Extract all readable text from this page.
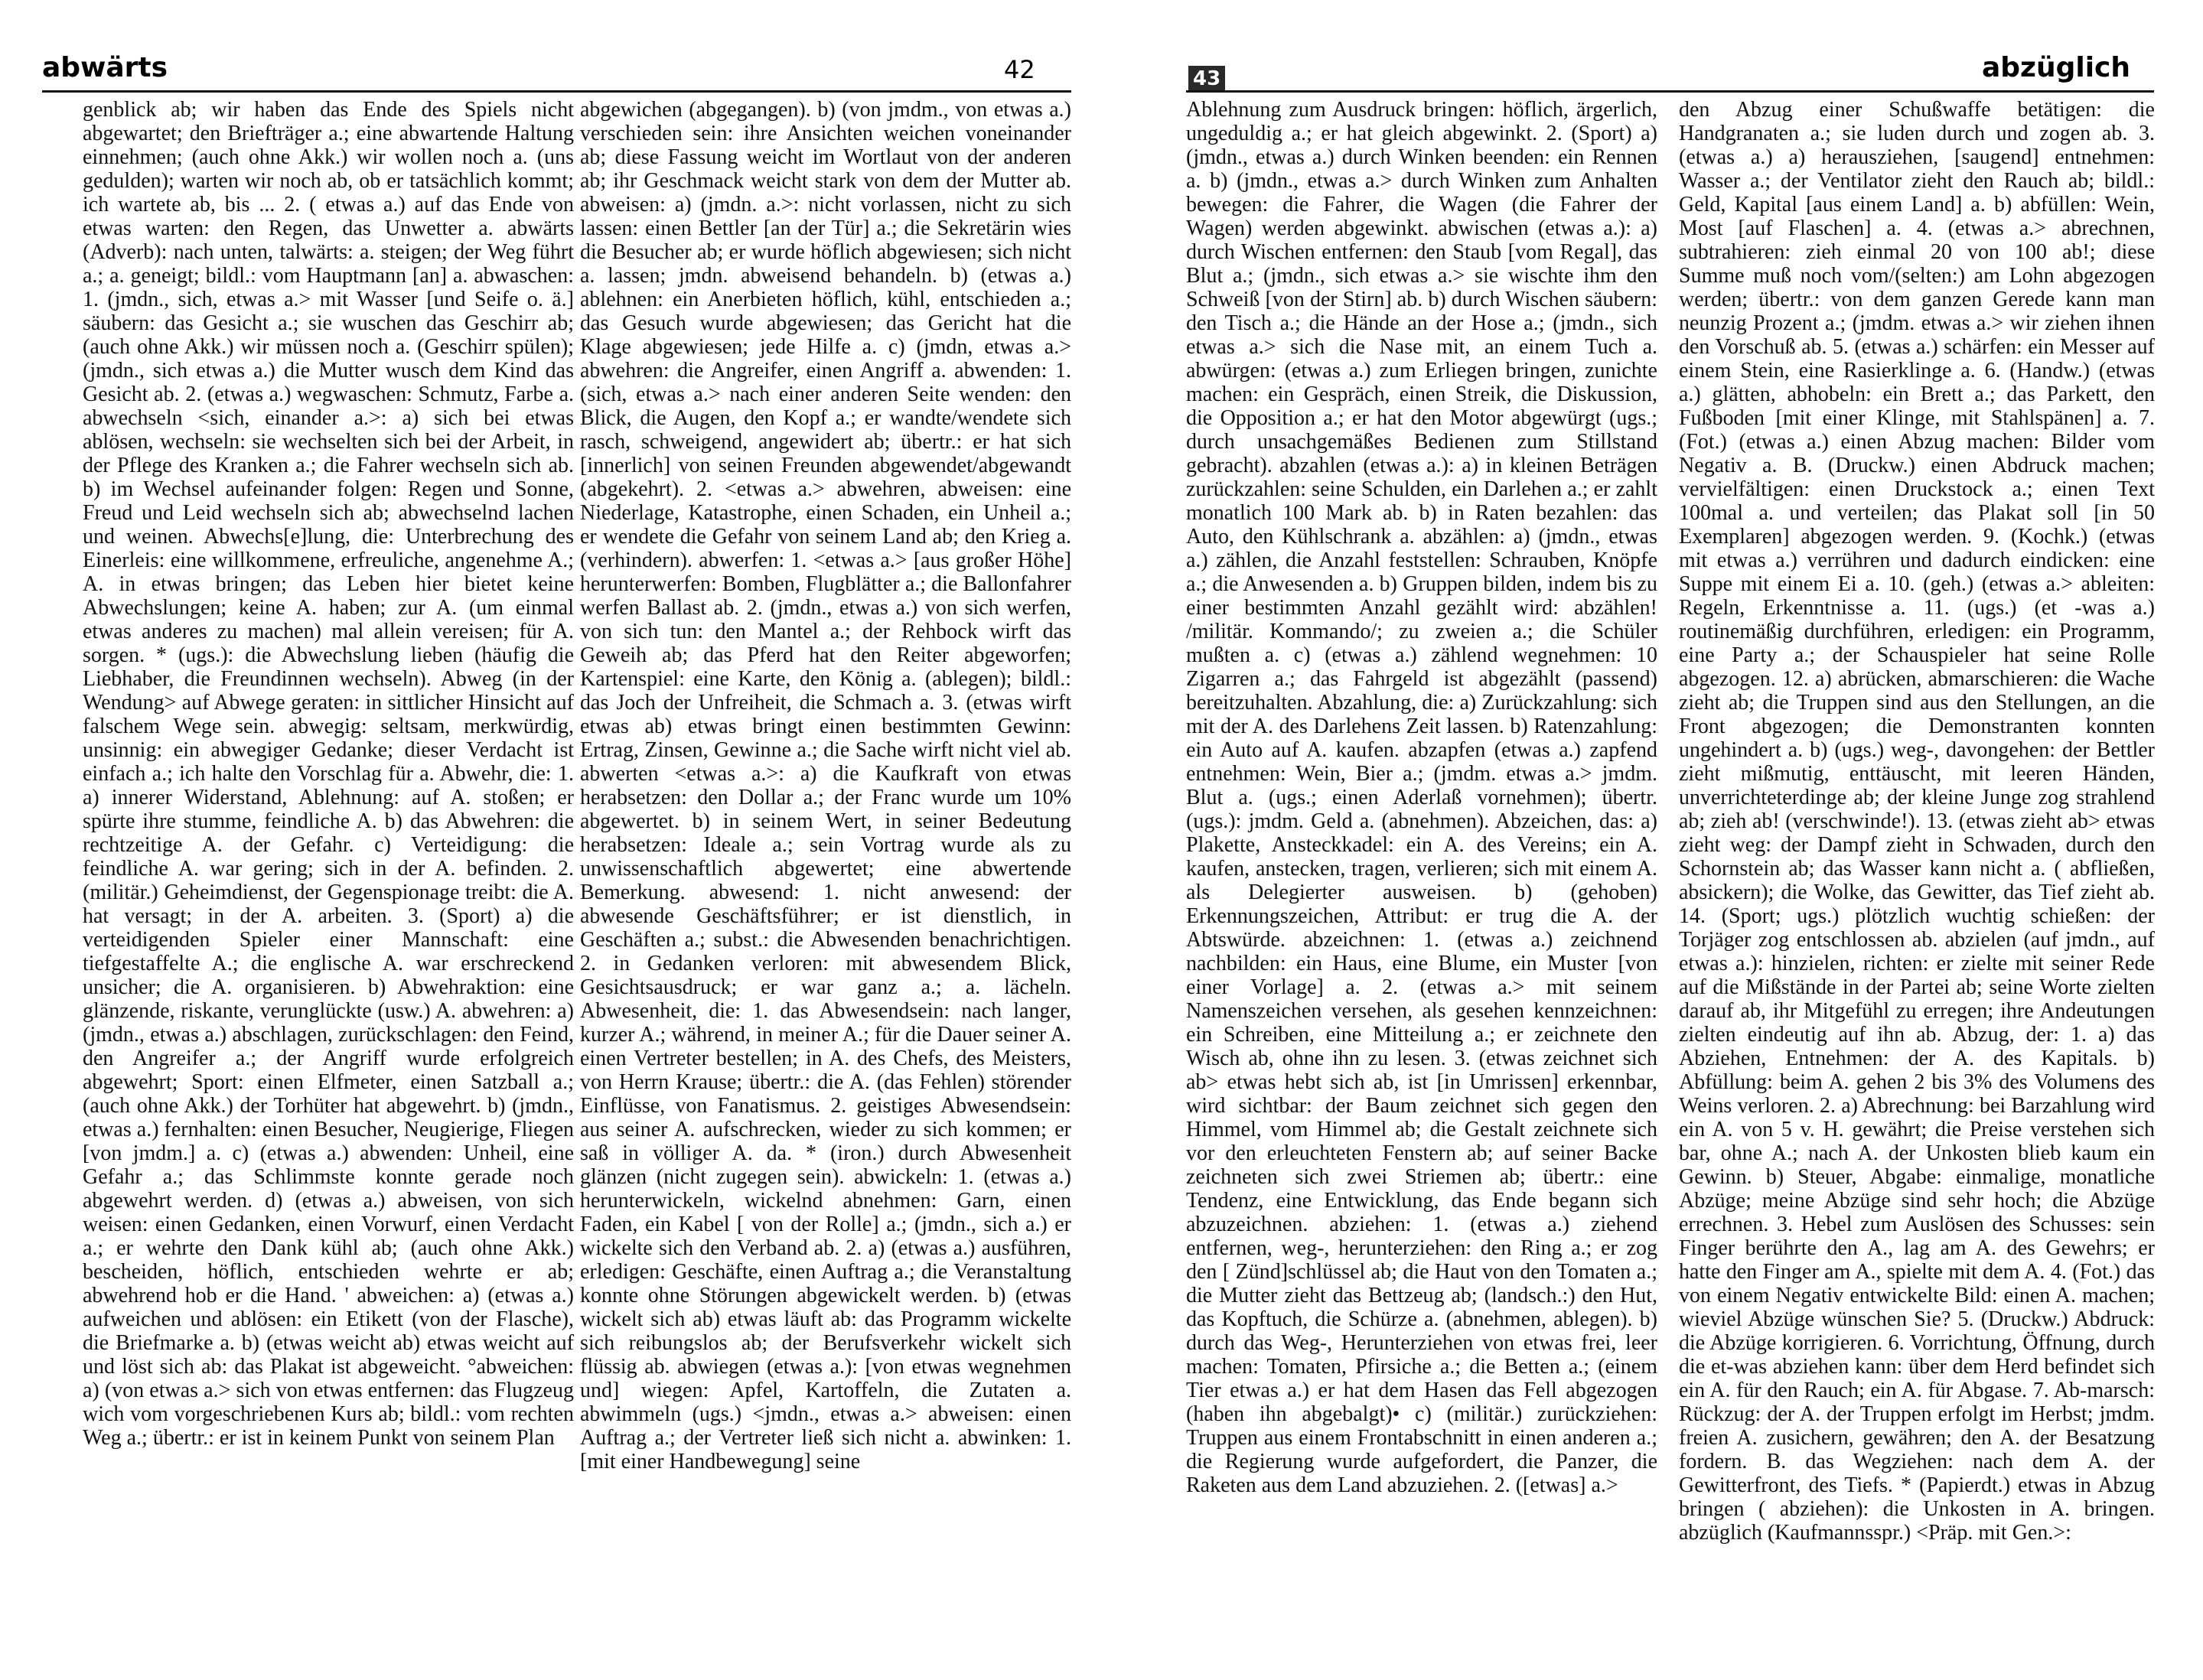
abwärts	42	43	abzüglich

genblick ab; wir haben das Ende des Spiels nicht abgewartet; den Briefträger a.; eine abwartende Haltung einnehmen; (auch ohne Akk.) wir wollen noch a. (uns gedulden); warten wir noch ab, ob er tatsächlich kommt; ich wartete ab, bis ... 2. ( etwas a.) auf das Ende von etwas warten: den Regen, das Unwetter a. abwärts (Adverb): nach unten, talwärts: a. steigen; der Weg führt a.; a. geneigt; bildl.: vom Hauptmann [an] a. abwaschen: 1. (jmdn., sich, etwas a.> mit Wasser [und Seife o. ä.] säubern: das Gesicht a.; sie wuschen das Geschirr ab; (auch ohne Akk.) wir müssen noch a. (Geschirr spülen); (jmdn., sich etwas a.) die Mutter wusch dem Kind das Gesicht ab. 2. (etwas a.) wegwaschen: Schmutz, Farbe a. abwechseln <sich, einander a.>: a) sich bei etwas ablösen, wechseln: sie wechselten sich bei der Arbeit, in der Pflege des Kranken a.; die Fahrer wechseln sich ab. b) im Wechsel aufeinander folgen: Regen und Sonne, Freud und Leid wechseln sich ab; abwechselnd lachen und weinen. Abwechs[e]lung, die: Unterbrechung des Einerleis: eine willkommene, erfreuliche, angenehme A.; A. in etwas bringen; das Leben hier bietet keine Abwechslungen; keine A. haben; zur A. (um einmal etwas anderes zu machen) mal allein vereisen; für A. sorgen. * (ugs.): die Abwechslung lieben (häufig die Liebhaber, die Freundinnen wechseln). Abweg (in der Wendung> auf Abwege geraten: in sittlicher Hinsicht auf falschem Wege sein. abwegig: seltsam, merkwürdig, unsinnig: ein abwegiger Gedanke; dieser Verdacht ist einfach a.; ich halte den Vorschlag für a. Abwehr, die: 1. a) innerer Widerstand, Ablehnung: auf A. stoßen; er spürte ihre stumme, feindliche A. b) das Abwehren: die rechtzeitige A. der Gefahr. c) Verteidigung: die feindliche A. war gering; sich in der A. befinden. 2. (militär.) Geheimdienst, der Gegenspionage treibt: die A. hat versagt; in der A. arbeiten. 3. (Sport) a) die verteidigenden Spieler einer Mannschaft: eine tiefgestaffelte A.; die englische A. war erschreckend unsicher; die A. organisieren. b) Abwehraktion: eine glänzende, riskante, verunglückte (usw.) A. abwehren: a) (jmdn., etwas a.) abschlagen, zurückschlagen: den Feind, den Angreifer a.; der Angriff wurde erfolgreich abgewehrt; Sport: einen Elfmeter, einen Satzball a.; (auch ohne Akk.) der Torhüter hat abgewehrt. b) (jmdn., etwas a.) fernhalten: einen Besucher, Neugierige, Fliegen [von jmdm.] a. c) (etwas a.) abwenden: Unheil, eine Gefahr a.; das Schlimmste konnte gerade noch abgewehrt werden. d) (etwas a.) abweisen, von sich weisen: einen Gedanken, einen Vorwurf, einen Verdacht a.; er wehrte den Dank kühl ab; (auch ohne Akk.) bescheiden, höflich, entschieden wehrte er ab; abwehrend hob er die Hand. ' abweichen: a) (etwas a.) aufweichen und ablösen: ein Etikett (von der Flasche), die Briefmarke a. b) (etwas weicht ab) etwas weicht auf und löst sich ab: das Plakat ist abgeweicht. °abweichen: a) (von etwas a.> sich von etwas entfernen: das Flugzeug wich vom vorgeschriebenen Kurs ab; bildl.: vom rechten Weg a.; übertr.: er ist in keinem Punkt von seinem Plan

abgewichen (abgegangen). b) (von jmdm., von etwas a.) verschieden sein: ihre Ansichten weichen voneinander ab; diese Fassung weicht im Wortlaut von der anderen ab; ihr Geschmack weicht stark von dem der Mutter ab. abweisen: a) (jmdn. a.>: nicht vorlassen, nicht zu sich lassen: einen Bettler [an der Tür] a.; die Sekretärin wies die Besucher ab; er wurde höflich abgewiesen; sich nicht a. lassen; jmdn. abweisend behandeln. b) (etwas a.) ablehnen: ein Anerbieten höflich, kühl, entschieden a.; das Gesuch wurde abgewiesen; das Gericht hat die Klage abgewiesen; jede Hilfe a. c) (jmdn, etwas a.> abwehren: die Angreifer, einen Angriff a. abwenden: 1. (sich, etwas a.> nach einer anderen Seite wenden: den Blick, die Augen, den Kopf a.; er wandte/wendete sich rasch, schweigend, angewidert ab; übertr.: er hat sich [innerlich] von seinen Freunden abgewendet/abgewandt (abgekehrt). 2. <etwas a.> abwehren, abweisen: eine Niederlage, Katastrophe, einen Schaden, ein Unheil a.; er wendete die Gefahr von seinem Land ab; den Krieg a. (verhindern). abwerfen: 1. <etwas a.> [aus großer Höhe] herunterwerfen: Bomben, Flugblätter a.; die Ballonfahrer werfen Ballast ab. 2. (jmdn., etwas a.) von sich werfen, von sich tun: den Mantel a.; der Rehbock wirft das Geweih ab; das Pferd hat den Reiter abgeworfen; Kartenspiel: eine Karte, den König a. (ablegen); bildl.: das Joch der Unfreiheit, die Schmach a. 3. (etwas wirft etwas ab) etwas bringt einen bestimmten Gewinn: Ertrag, Zinsen, Gewinne a.; die Sache wirft nicht viel ab. abwerten <etwas a.>: a) die Kaufkraft von etwas herabsetzen: den Dollar a.; der Franc wurde um 10% abgewertet. b) in seinem Wert, in seiner Bedeutung herabsetzen: Ideale a.; sein Vortrag wurde als zu unwissenschaftlich abgewertet; eine abwertende Bemerkung. abwesend: 1. nicht anwesend: der abwesende Geschäftsführer; er ist dienstlich, in Geschäften a.; subst.: die Abwesenden benachrichtigen. 2. in Gedanken verloren: mit abwesendem Blick, Gesichtsausdruck; er war ganz a.; a. lächeln. Abwesenheit, die: 1. das Abwesendsein: nach langer, kurzer A.; während, in meiner A.; für die Dauer seiner A. einen Vertreter bestellen; in A. des Chefs, des Meisters, von Herrn Krause; übertr.: die A. (das Fehlen) störender Einflüsse, von Fanatismus. 2. geistiges Abwesendsein: aus seiner A. aufschrecken, wieder zu sich kommen; er saß in völliger A. da. * (iron.) durch Abwesenheit glänzen (nicht zugegen sein). abwickeln: 1. (etwas a.) herunterwickeln, wickelnd abnehmen: Garn, einen Faden, ein Kabel [ von der Rolle] a.; (jmdn., sich a.) er wickelte sich den Verband ab. 2. a) (etwas a.) ausführen, erledigen: Geschäfte, einen Auftrag a.; die Veranstaltung konnte ohne Störungen abgewickelt werden. b) (etwas wickelt sich ab) etwas läuft ab: das Programm wickelte sich reibungslos ab; der Berufsverkehr wickelt sich flüssig ab. abwiegen (etwas a.): [von etwas wegnehmen und] wiegen: Apfel, Kartoffeln, die Zutaten a. abwimmeln (ugs.) <jmdn., etwas a.> abweisen: einen Auftrag a.; der Vertreter ließ sich nicht a. abwinken: 1. [mit einer Handbewegung] seine

Ablehnung zum Ausdruck bringen: höflich, ärgerlich, ungeduldig a.; er hat gleich abgewinkt. 2. (Sport) a) (jmdn., etwas a.) durch Winken beenden: ein Rennen a. b) (jmdn., etwas a.> durch Winken zum Anhalten bewegen: die Fahrer, die Wagen (die Fahrer der Wagen) werden abgewinkt. abwischen (etwas a.): a) durch Wischen entfernen: den Staub [vom Regal], das Blut a.; (jmdn., sich etwas a.> sie wischte ihm den Schweiß [von der Stirn] ab. b) durch Wischen säubern: den Tisch a.; die Hände an der Hose a.; (jmdn., sich etwas a.> sich die Nase mit, an einem Tuch a. abwürgen: (etwas a.) zum Erliegen bringen, zunichte machen: ein Gespräch, einen Streik, die Diskussion, die Opposition a.; er hat den Motor abgewürgt (ugs.; durch unsachgemäßes Bedienen zum Stillstand gebracht). abzahlen (etwas a.): a) in kleinen Beträgen zurückzahlen: seine Schulden, ein Darlehen a.; er zahlt monatlich 100 Mark ab. b) in Raten bezahlen: das Auto, den Kühlschrank a. abzählen: a) (jmdn., etwas a.) zählen, die Anzahl feststellen: Schrauben, Knöpfe a.; die Anwesenden a. b) Gruppen bilden, indem bis zu einer bestimmten Anzahl gezählt wird: abzählen! /militär. Kommando/; zu zweien a.; die Schüler mußten a. c) (etwas a.) zählend wegnehmen: 10 Zigarren a.; das Fahrgeld ist abgezählt (passend) bereitzuhalten. Abzahlung, die: a) Zurückzahlung: sich mit der A. des Darlehens Zeit lassen. b) Ratenzahlung: ein Auto auf A. kaufen. abzapfen (etwas a.) zapfend entnehmen: Wein, Bier a.; (jmdm. etwas a.> jmdm. Blut a. (ugs.; einen Aderlaß vornehmen); übertr. (ugs.): jmdm. Geld a. (abnehmen). Abzeichen, das: a) Plakette, Ansteckkadel: ein A. des Vereins; ein A. kaufen, anstecken, tragen, verlieren; sich mit einem A. als Delegierter ausweisen. b) (gehoben) Erkennungszeichen, Attribut: er trug die A. der Abtswürde. abzeichnen: 1. (etwas a.) zeichnend nachbilden: ein Haus, eine Blume, ein Muster [von einer Vorlage] a. 2. (etwas a.> mit seinem Namenszeichen versehen, als gesehen kennzeichnen: ein Schreiben, eine Mitteilung a.; er zeichnete den Wisch ab, ohne ihn zu lesen. 3. (etwas zeichnet sich ab> etwas hebt sich ab, ist [in Umrissen] erkennbar, wird sichtbar: der Baum zeichnet sich gegen den Himmel, vom Himmel ab; die Gestalt zeichnete sich vor den erleuchteten Fenstern ab; auf seiner Backe zeichneten sich zwei Striemen ab; übertr.: eine Tendenz, eine Entwicklung, das Ende begann sich abzuzeichnen. abziehen: 1. (etwas a.) ziehend entfernen, weg-, herunterziehen: den Ring a.; er zog den [ Zünd]schlüssel ab; die Haut von den Tomaten a.; die Mutter zieht das Bettzeug ab; (landsch.:) den Hut, das Kopftuch, die Schürze a. (abnehmen, ablegen). b) durch das Weg-, Herunterziehen von etwas frei, leer machen: Tomaten, Pfirsiche a.; die Betten a.; (einem Tier etwas a.) er hat dem Hasen das Fell abgezogen (haben ihn abgebalgt)• c) (militär.) zurückziehen: Truppen aus einem Frontabschnitt in einen anderen a.; die Regierung wurde aufgefordert, die Panzer, die Raketen aus dem Land abzuziehen. 2. ([etwas] a.>

den Abzug einer Schußwaffe betätigen: die Handgranaten a.; sie luden durch und zogen ab. 3. (etwas a.) a) herausziehen, [saugend] entnehmen: Wasser a.; der Ventilator zieht den Rauch ab; bildl.: Geld, Kapital [aus einem Land] a. b) abfüllen: Wein, Most [auf Flaschen] a. 4. (etwas a.> abrechnen, subtrahieren: zieh einmal 20 von 100 ab!; diese Summe muß noch vom/(selten:) am Lohn abgezogen werden; übertr.: von dem ganzen Gerede kann man neunzig Prozent a.; (jmdm. etwas a.> wir ziehen ihnen den Vorschuß ab. 5. (etwas a.) schärfen: ein Messer auf einem Stein, eine Rasierklinge a. 6. (Handw.) (etwas a.) glätten, abhobeln: ein Brett a.; das Parkett, den Fußboden [mit einer Klinge, mit Stahlspänen] a. 7. (Fot.) (etwas a.) einen Abzug machen: Bilder vom Negativ a. B. (Druckw.) einen Abdruck machen; vervielfältigen: einen Druckstock a.; einen Text 100mal a. und verteilen; das Plakat soll [in 50 Exemplaren] abgezogen werden. 9. (Kochk.) (etwas mit etwas a.) verrühren und dadurch eindicken: eine Suppe mit einem Ei a. 10. (geh.) (etwas a.> ableiten: Regeln, Erkenntnisse a. 11. (ugs.) (et -was a.) routinemäßig durchführen, erledigen: ein Programm, eine Party a.; der Schauspieler hat seine Rolle abgezogen. 12. a) abrücken, abmarschieren: die Wache zieht ab; die Truppen sind aus den Stellungen, an die Front abgezogen; die Demonstranten konnten ungehindert a. b) (ugs.) weg-, davongehen: der Bettler zieht mißmutig, enttäuscht, mit leeren Händen, unverrichteterdinge ab; der kleine Junge zog strahlend ab; zieh ab! (verschwinde!). 13. (etwas zieht ab> etwas zieht weg: der Dampf zieht in Schwaden, durch den Schornstein ab; das Wasser kann nicht a. ( abfließen, absickern); die Wolke, das Gewitter, das Tief zieht ab. 14. (Sport; ugs.) plötzlich wuchtig schießen: der Torjäger zog entschlossen ab. abzielen (auf jmdn., auf etwas a.): hinzielen, richten: er zielte mit seiner Rede auf die Mißstände in der Partei ab; seine Worte zielten darauf ab, ihr Mitgefühl zu erregen; ihre Andeutungen zielten eindeutig auf ihn ab. Abzug, der: 1. a) das Abziehen, Entnehmen: der A. des Kapitals. b) Abfüllung: beim A. gehen 2 bis 3% des Volumens des Weins verloren. 2. a) Abrechnung: bei Barzahlung wird ein A. von 5 v. H. gewährt; die Preise verstehen sich bar, ohne A.; nach A. der Unkosten blieb kaum ein Gewinn. b) Steuer, Abgabe: einmalige, monatliche Abzüge; meine Abzüge sind sehr hoch; die Abzüge errechnen. 3. Hebel zum Auslösen des Schusses: sein Finger berührte den A., lag am A. des Gewehrs; er hatte den Finger am A., spielte mit dem A. 4. (Fot.) das von einem Negativ entwickelte Bild: einen A. machen; wieviel Abzüge wünschen Sie? 5. (Druckw.) Abdruck: die Abzüge korrigieren. 6. Vorrichtung, Öffnung, durch die et-was abziehen kann: über dem Herd befindet sich ein A. für den Rauch; ein A. für Abgase. 7. Ab-marsch: Rückzug: der A. der Truppen erfolgt im Herbst; jmdm. freien A. zusichern, gewähren; den A. der Besatzung fordern. B. das Wegziehen: nach dem A. der Gewitterfront, des Tiefs. * (Papierdt.) etwas in Abzug bringen ( abziehen): die Unkosten in A. bringen. abzüglich (Kaufmannsspr.) <Präp. mit Gen.>:
